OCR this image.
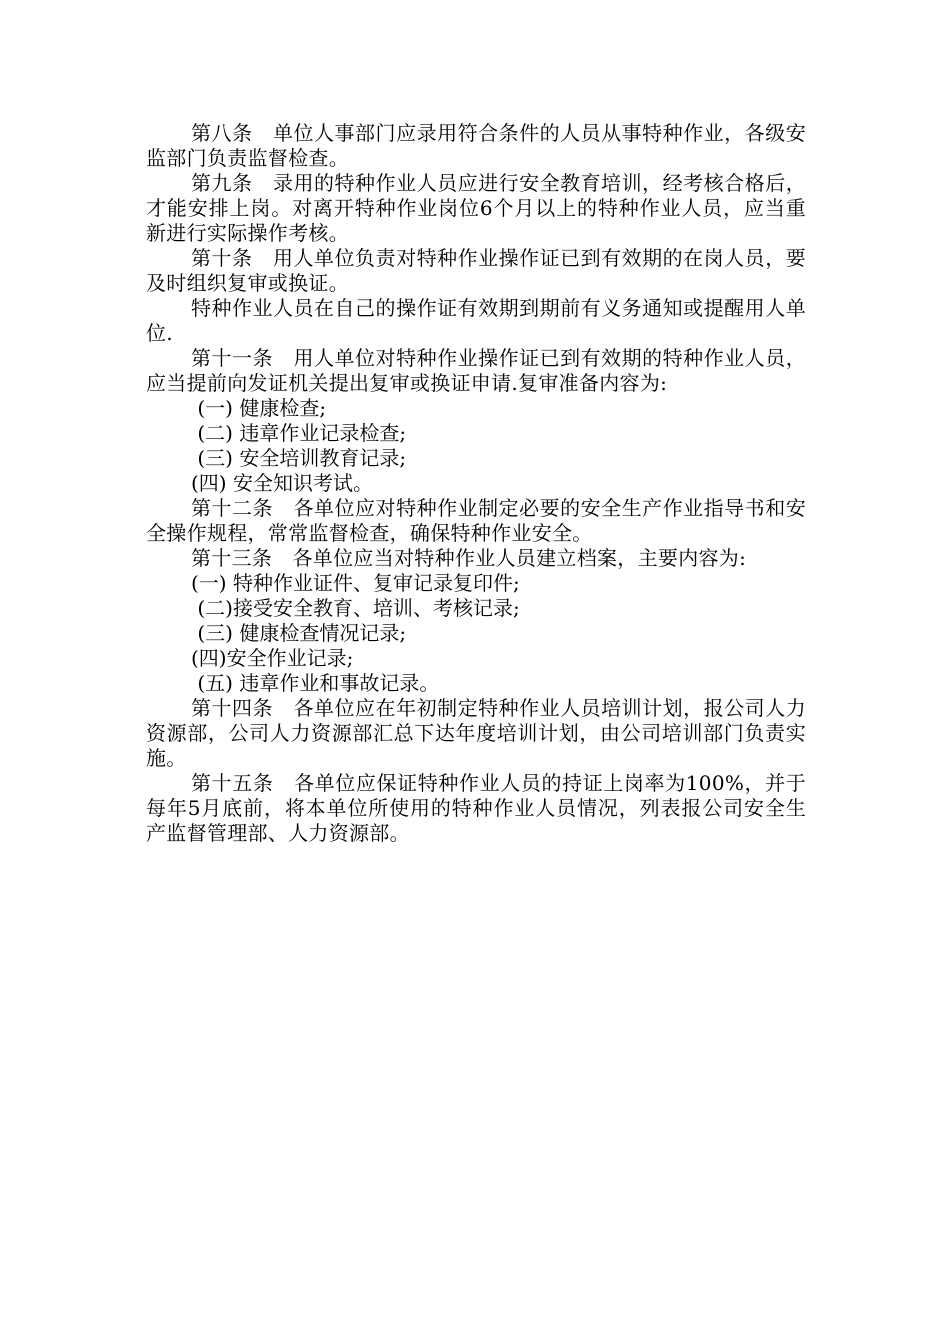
第八条　单位人事部门应录用符合条件的人员从事特种作业，各级安监部门负责监督检查。

第九条　录用的特种作业人员应进行安全教育培训，经考核合格后，才能安排上岗。对离开特种作业岗位6个月以上的特种作业人员，应当重新进行实际操作考核。

第十条　用人单位负责对特种作业操作证已到有效期的在岗人员，要及时组织复审或换证。

特种作业人员在自己的操作证有效期到期前有义务通知或提醒用人单位.

第十一条　用人单位对特种作业操作证已到有效期的特种作业人员，应当提前向发证机关提出复审或换证申请.复审准备内容为:

(一) 健康检查;

(二) 违章作业记录检查;

(三) 安全培训教育记录;

(四) 安全知识考试。

第十二条　各单位应对特种作业制定必要的安全生产作业指导书和安全操作规程，常常监督检查，确保特种作业安全。

第十三条　各单位应当对特种作业人员建立档案，主要内容为:

(一) 特种作业证件、复审记录复印件;

(二)接受安全教育、培训、考核记录;

(三) 健康检查情况记录;

(四)安全作业记录;

(五) 违章作业和事故记录。

第十四条　各单位应在年初制定特种作业人员培训计划，报公司人力资源部，公司人力资源部汇总下达年度培训计划，由公司培训部门负责实施。

第十五条　各单位应保证特种作业人员的持证上岗率为100%，并于每年5月底前，将本单位所使用的特种作业人员情况，列表报公司安全生产监督管理部、人力资源部。
